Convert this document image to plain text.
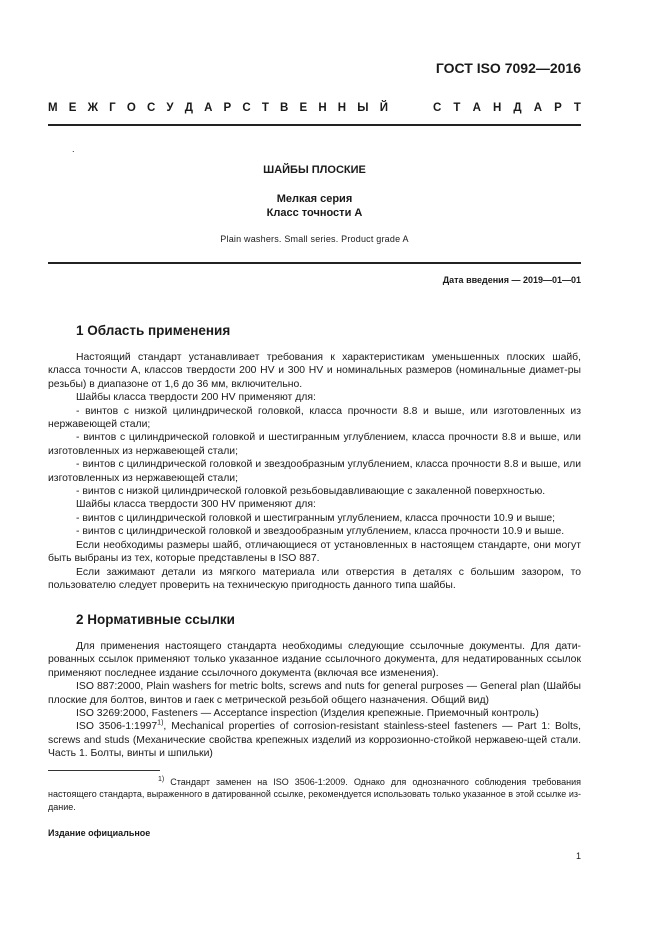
ГОСТ ISO 7092—2016
М Е Ж Г О С У Д А Р С Т В Е Н Н Ы Й	С Т А Н Д А Р Т
.
ШАЙБЫ ПЛОСКИЕ
Мелкая серия
Класс точности А
Plain washers. Small series. Product grade A
Дата введения — 2019—01—01
1 Область применения

Настоящий стандарт устанавливает требования к характеристикам уменьшенных плоских шайб, класса точности А, классов твердости 200 HV и 300 HV и номинальных размеров (номинальные диамет-ры резьбы) в диапазоне от 1,6 до 36 мм, включительно.

Шайбы класса твердости 200 HV применяют для:

- винтов с низкой цилиндрической головкой, класса прочности 8.8 и выше, или изготовленных из нержавеющей стали;

- винтов с цилиндрической головкой и шестигранным углублением, класса прочности 8.8 и выше, или изготовленных из нержавеющей стали;

- винтов с цилиндрической головкой и звездообразным углублением, класса прочности 8.8 и выше, или изготовленных из нержавеющей стали;

- винтов с низкой цилиндрической головкой резьбовыдавливающие с закаленной поверхностью.

Шайбы класса твердости 300 HV применяют для:

- винтов с цилиндрической головкой и шестигранным углублением, класса прочности 10.9 и выше;

- винтов с цилиндрической головкой и звездообразным углублением, класса прочности 10.9 и выше.

Если необходимы размеры шайб, отличающиеся от установленных в настоящем стандарте, они могут быть выбраны из тех, которые представлены в ISO 887.

Если зажимают детали из мягкого материала или отверстия в деталях с большим зазором, то пользователю следует проверить на техническую пригодность данного типа шайбы.

2 Нормативные ссылки

Для применения настоящего стандарта необходимы следующие ссылочные документы. Для дати-рованных ссылок применяют только указанное издание ссылочного документа, для недатированных ссылок применяют последнее издание ссылочного документа (включая все изменения).

ISO 887:2000, Plain washers for metric bolts, screws and nuts for general purposes — General plan (Шайбы плоские для болтов, винтов и гаек с метрической резьбой общего назначения. Общий вид)

ISO 3269:2000, Fasteners — Acceptance inspection (Изделия крепежные. Приемочный контроль)

ISO 3506-1:1997$^{1)}$, Mechanical properties of corrosion-resistant stainless-steel fasteners — Part 1: Bolts, screws and studs (Механические свойства крепежных изделий из коррозионно-стойкой нержавею-щей стали. Часть 1. Болты, винты и шпильки)

$^{1)}$ Стандарт заменен на ISO 3506-1:2009. Однако для однозначного соблюдения требования настоящего стандарта, выраженного в датированной ссылке, рекомендуется использовать только указанное в этой ссылке из-дание.

Издание официальное
1
